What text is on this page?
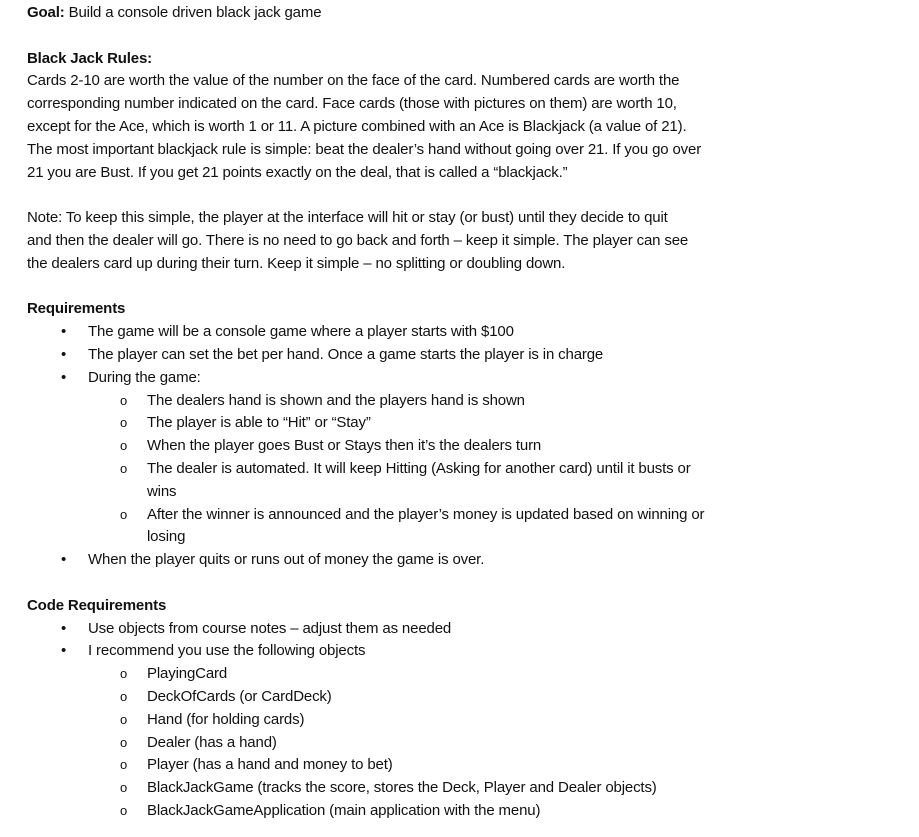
Goal: Build a console driven black jack game
Black Jack Rules:
Cards 2-10 are worth the value of the number on the face of the card. Numbered cards are worth the
corresponding number indicated on the card. Face cards (those with pictures on them) are worth 10,
except for the Ace, which is worth 1 or 11. A picture combined with an Ace is Blackjack (a value of 21).
The most important blackjack rule is simple: beat the dealer’s hand without going over 21. If you go over
21 you are Bust. If you get 21 points exactly on the deal, that is called a “blackjack.”
Note: To keep this simple, the player at the interface will hit or stay (or bust) until they decide to quit
and then the dealer will go. There is no need to go back and forth – keep it simple. The player can see
the dealers card up during their turn. Keep it simple – no splitting or doubling down.
Requirements
• The game will be a console game where a player starts with $100
• The player can set the bet per hand. Once a game starts the player is in charge
• During the game:
o The dealers hand is shown and the players hand is shown
o The player is able to “Hit” or “Stay”
o When the player goes Bust or Stays then it’s the dealers turn
o The dealer is automated. It will keep Hitting (Asking for another card) until it busts or
wins
o After the winner is announced and the player’s money is updated based on winning or
losing
• When the player quits or runs out of money the game is over.
Code Requirements
• Use objects from course notes – adjust them as needed
• I recommend you use the following objects
o PlayingCard
o DeckOfCards (or CardDeck)
o Hand (for holding cards)
o Dealer (has a hand)
o Player (has a hand and money to bet)
o BlackJackGame (tracks the score, stores the Deck, Player and Dealer objects)
o BlackJackGameApplication (main application with the menu)
